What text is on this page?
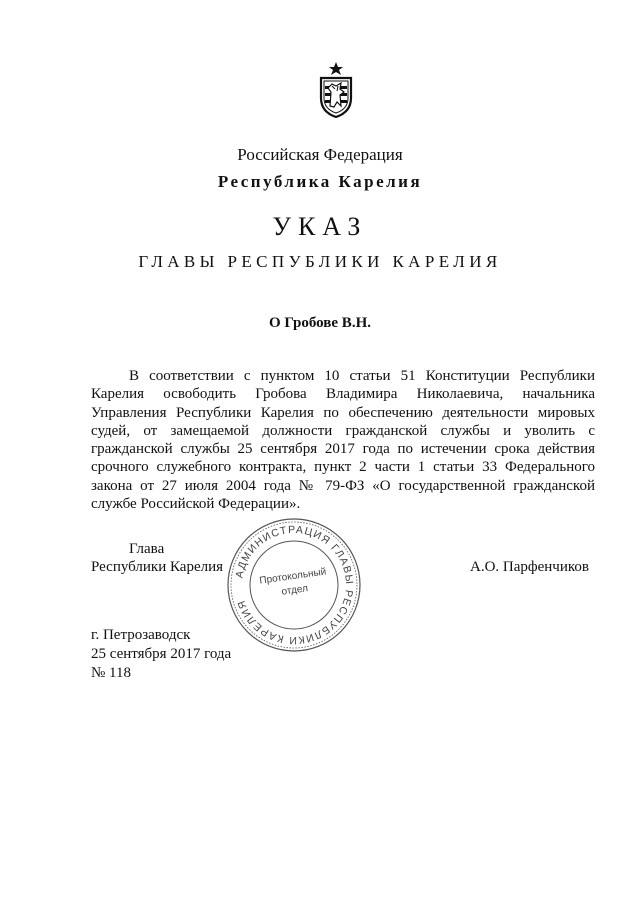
Российская Федерация
Республика Карелия
УКАЗ
ГЛАВЫ РЕСПУБЛИКИ КАРЕЛИЯ
О Гробове В.Н.
В соответствии с пунктом 10 статьи 51 Конституции Республики
Карелия освободить Гробова Владимира Николаевича, начальника
Управления Республики Карелия по обеспечению деятельности мировых
судей, от замещаемой должности гражданской службы и уволить с
гражданской службы 25 сентября 2017 года по истечении срока действия
срочного служебного контракта, пункт 2 части 1 статьи 33 Федерального
закона от 27 июля 2004 года № 79-ФЗ «О государственной гражданской
службе Российской Федерации».
Глава
Республики Карелия	А.О. Парфенчиков
АДМИНИСТРАЦИЯ ГЛАВЫ РЕСПУБЛИКИ КАРЕЛИЯ
Протокольный
отдел
г. Петрозаводск
25 сентября 2017 года
№ 118
